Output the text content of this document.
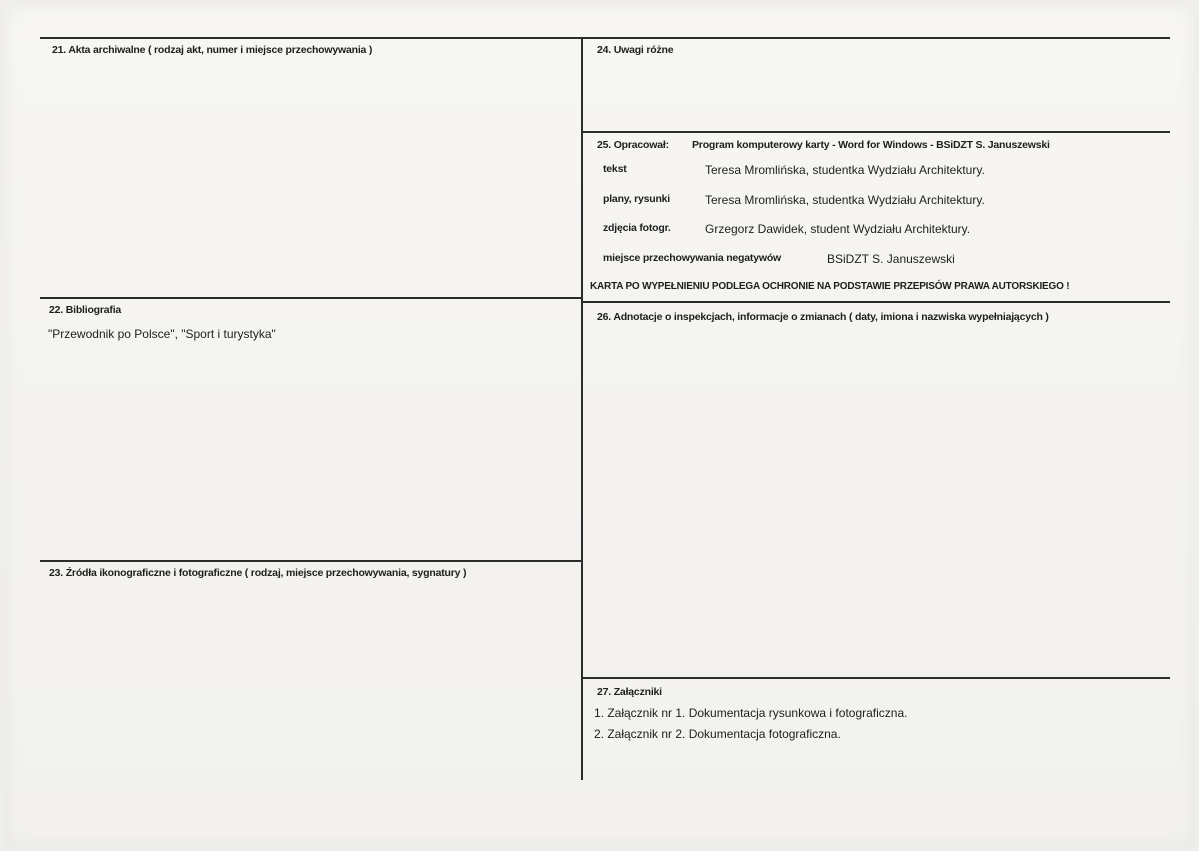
21. Akta archiwalne ( rodzaj akt, numer i miejsce przechowywania )
22. Bibliografia
"Przewodnik po Polsce", "Sport i turystyka"
23. Źródła ikonograficzne i fotograficzne ( rodzaj, miejsce przechowywania, sygnatury )
24. Uwagi różne
25. Opracował: Program komputerowy karty - Word for Windows - BSiDZT S. Januszewski
tekst	Teresa Mromlińska, studentka Wydziału Architektury.
plany, rysunki	Teresa Mromlińska, studentka Wydziału Architektury.
zdjęcia fotogr.	Grzegorz Dawidek, student Wydziału Architektury.
miejsce przechowywania negatywów	BSiDZT S. Januszewski
KARTA PO WYPEŁNIENIU PODLEGA OCHRONIE NA PODSTAWIE PRZEPISÓW PRAWA AUTORSKIEGO !
26. Adnotacje o inspekcjach, informacje o zmianach ( daty, imiona i nazwiska wypełniających )
27. Załączniki
1. Załącznik nr 1. Dokumentacja rysunkowa i fotograficzna.
2. Załącznik nr 2. Dokumentacja fotograficzna.
